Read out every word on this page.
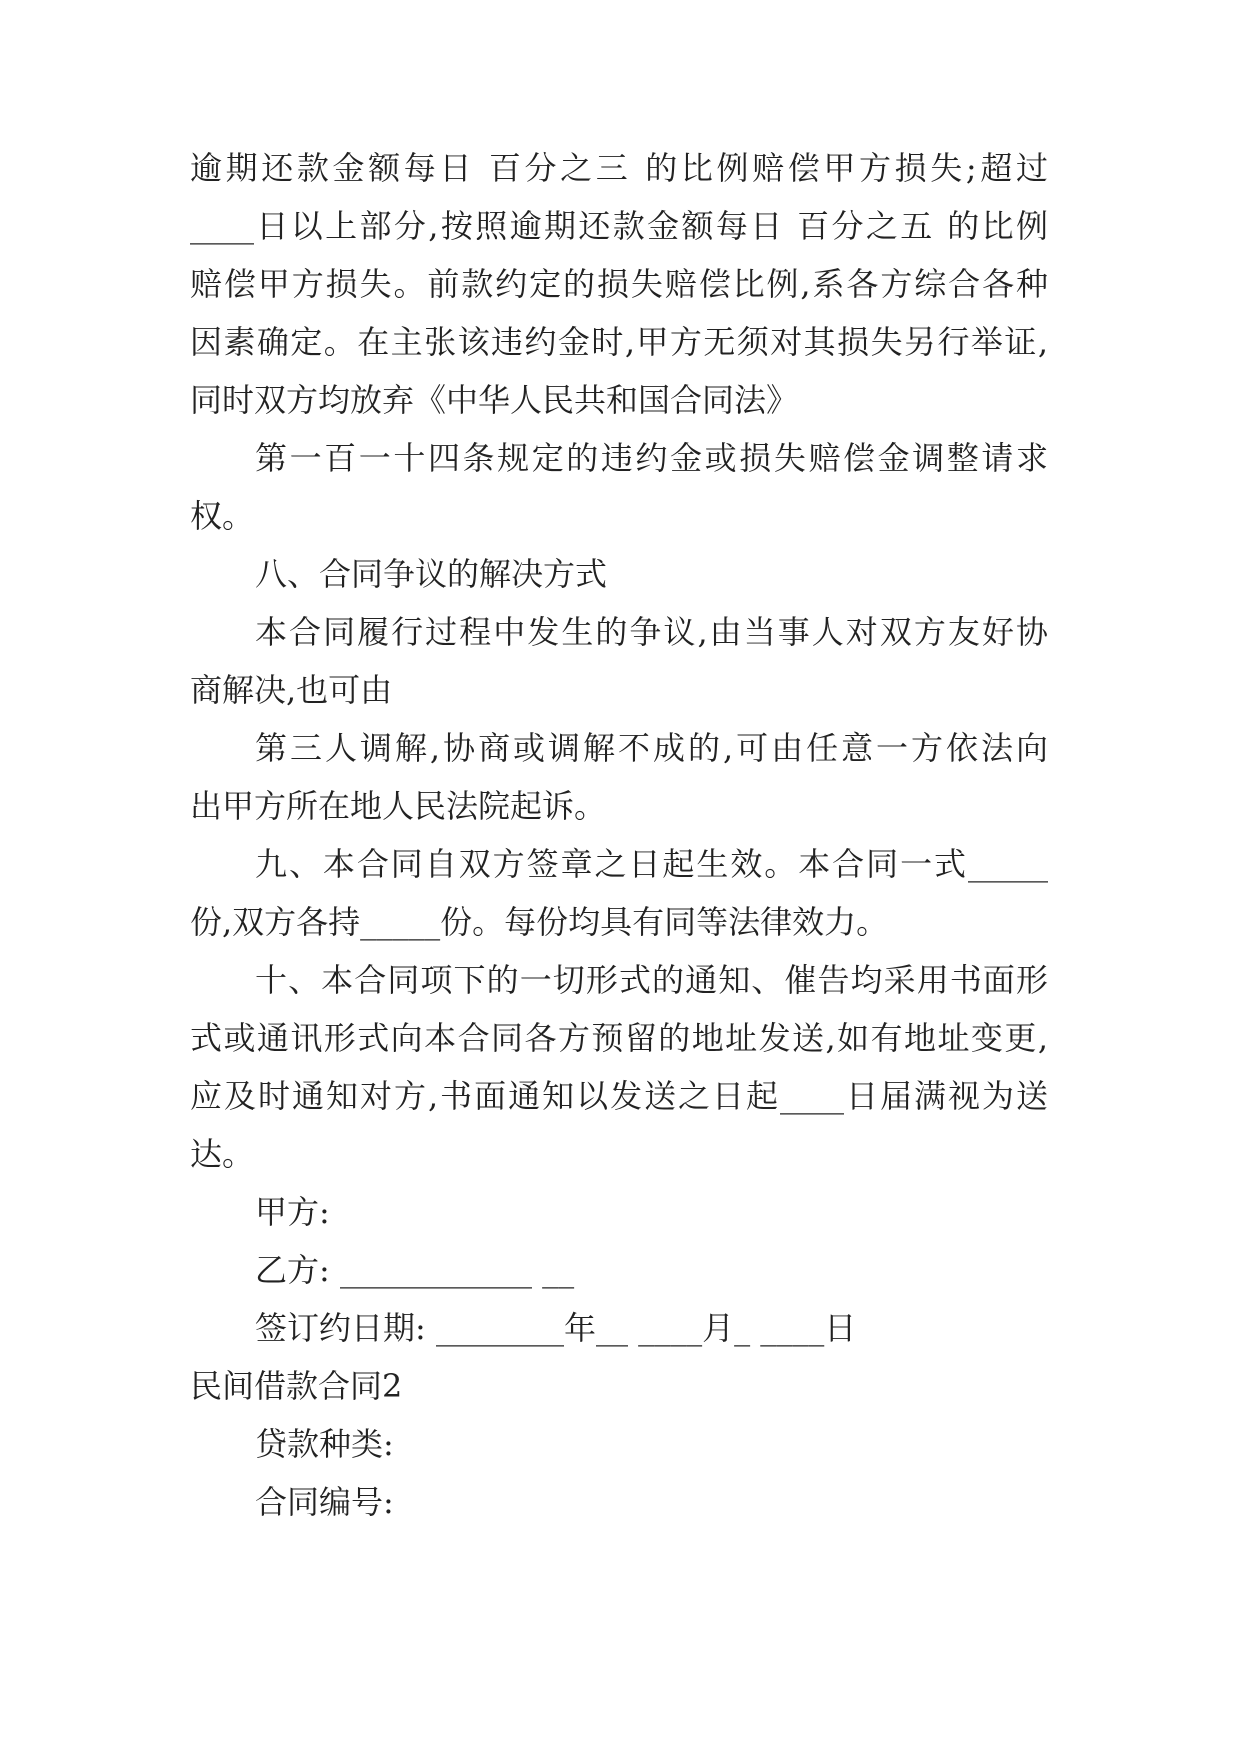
逾期还款金额每日 百分之三 的比例赔偿甲方损失;超过
____日以上部分,按照逾期还款金额每日 百分之五 的比例
赔偿甲方损失。前款约定的损失赔偿比例,系各方综合各种
因素确定。在主张该违约金时,甲方无须对其损失另行举证,
同时双方均放弃《中华人民共和国合同法》
第一百一十四条规定的违约金或损失赔偿金调整请求
权。
八、合同争议的解决方式
本合同履行过程中发生的争议,由当事人对双方友好协
商解决,也可由
第三人调解,协商或调解不成的,可由任意一方依法向
出甲方所在地人民法院起诉。
九、本合同自双方签章之日起生效。本合同一式_____
份,双方各持_____份。每份均具有同等法律效力。
十、本合同项下的一切形式的通知、催告均采用书面形
式或通讯形式向本合同各方预留的地址发送,如有地址变更,
应及时通知对方,书面通知以发送之日起____日届满视为送
达。
甲方:
乙方: ____________ __
签订约日期: ________年__ ____月_ ____日
民间借款合同2
贷款种类:
合同编号:
